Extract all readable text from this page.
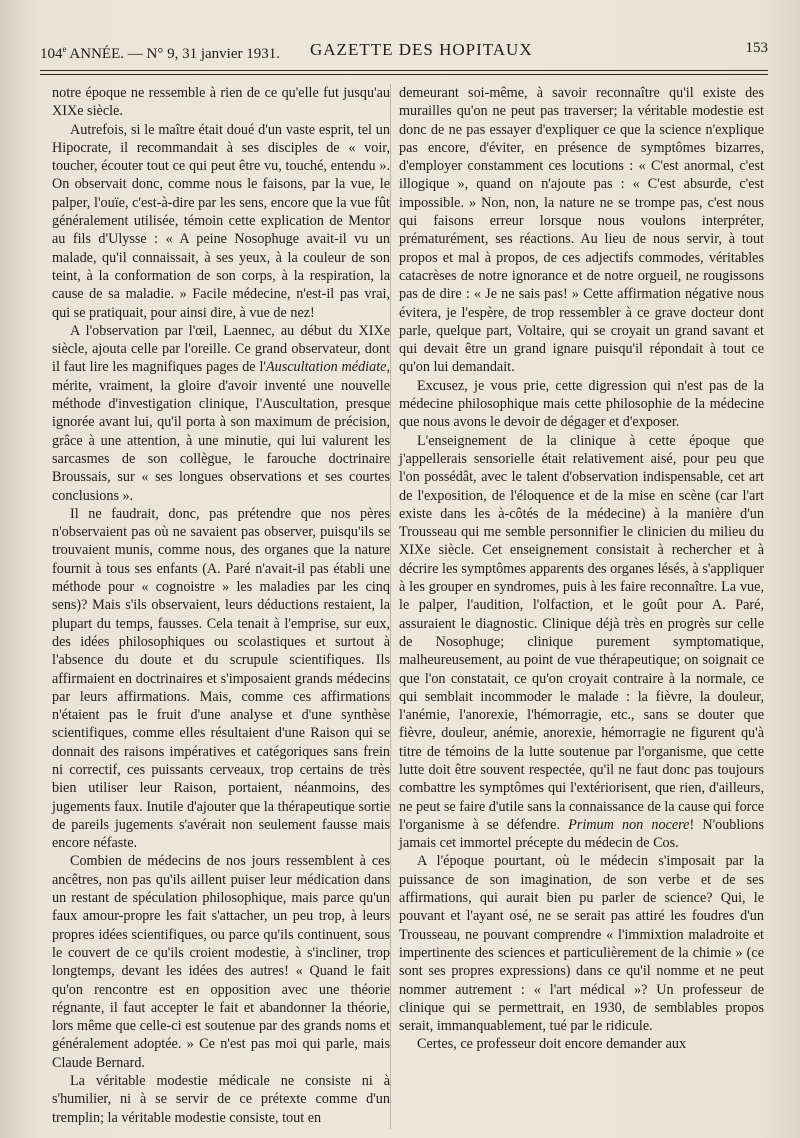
104e ANNÉE. — N° 9, 31 janvier 1931. GAZETTE DES HOPITAUX	153

notre époque ne ressemble à rien de ce qu'elle fut jusqu'au XIXe siècle.

Autrefois, si le maître était doué d'un vaste esprit, tel un Hipocrate, il recommandait à ses disciples de « voir, toucher, écouter tout ce qui peut être vu, touché, entendu ». On observait donc, comme nous le faisons, par la vue, le palper, l'ouïe, c'est-à-dire par les sens, encore que la vue fût généralement utilisée, témoin cette explication de Mentor au fils d'Ulysse : « A peine Nosophuge avait-il vu un malade, qu'il connaissait, à ses yeux, à la couleur de son teint, à la conformation de son corps, à la respiration, la cause de sa maladie. » Facile médecine, n'est-il pas vrai, qui se pratiquait, pour ainsi dire, à vue de nez!

A l'observation par l'œil, Laennec, au début du XIXe siècle, ajouta celle par l'oreille. Ce grand observateur, dont il faut lire les magnifiques pages de l'Auscultation médiate, mérite, vraiment, la gloire d'avoir inventé une nouvelle méthode d'investigation clinique, l'Auscultation, presque ignorée avant lui, qu'il porta à son maximum de précision, grâce à une attention, à une minutie, qui lui valurent les sarcasmes de son collègue, le farouche doctrinaire Broussais, sur « ses longues observations et ses courtes conclusions ».

Il ne faudrait, donc, pas prétendre que nos pères n'observaient pas où ne savaient pas observer, puisqu'ils se trouvaient munis, comme nous, des organes que la nature fournit à tous ses enfants (A. Paré n'avait-il pas établi une méthode pour « cognoistre » les maladies par les cinq sens)? Mais s'ils observaient, leurs déductions restaient, la plupart du temps, fausses. Cela tenait à l'emprise, sur eux, des idées philosophiques ou scolastiques et surtout à l'absence du doute et du scrupule scientifiques. Ils affirmaient en doctrinaires et s'imposaient grands médecins par leurs affirmations. Mais, comme ces affirmations n'étaient pas le fruit d'une analyse et d'une synthèse scientifiques, comme elles résultaient d'une Raison qui se donnait des raisons impératives et catégoriques sans frein ni correctif, ces puissants cerveaux, trop certains de très bien utiliser leur Raison, portaient, néanmoins, des jugements faux. Inutile d'ajouter que la thérapeutique sortie de pareils jugements s'avérait non seulement fausse mais encore néfaste.

Combien de médecins de nos jours ressemblent à ces ancêtres, non pas qu'ils aillent puiser leur médication dans un restant de spéculation philosophique, mais parce qu'un faux amour-propre les fait s'attacher, un peu trop, à leurs propres idées scientifiques, ou parce qu'ils continuent, sous le couvert de ce qu'ils croient modestie, à s'incliner, trop longtemps, devant les idées des autres! « Quand le fait qu'on rencontre est en opposition avec une théorie régnante, il faut accepter le fait et abandonner la théorie, lors même que celle-ci est soutenue par des grands noms et généralement adoptée. » Ce n'est pas moi qui parle, mais Claude Bernard.

La véritable modestie médicale ne consiste ni à s'humilier, ni à se servir de ce prétexte comme d'un tremplin; la véritable modestie consiste, tout en

demeurant soi-même, à savoir reconnaître qu'il existe des murailles qu'on ne peut pas traverser; la véritable modestie est donc de ne pas essayer d'expliquer ce que la science n'explique pas encore, d'éviter, en présence de symptômes bizarres, d'employer constamment ces locutions : « C'est anormal, c'est illogique », quand on n'ajoute pas : « C'est absurde, c'est impossible. » Non, non, la nature ne se trompe pas, c'est nous qui faisons erreur lorsque nous voulons interpréter, prématurément, ses réactions. Au lieu de nous servir, à tout propos et mal à propos, de ces adjectifs commodes, véritables catacrèses de notre ignorance et de notre orgueil, ne rougissons pas de dire : « Je ne sais pas! » Cette affirmation négative nous évitera, je l'espère, de trop ressembler à ce grave docteur dont parle, quelque part, Voltaire, qui se croyait un grand savant et qui devait être un grand ignare puisqu'il répondait à tout ce qu'on lui demandait.

Excusez, je vous prie, cette digression qui n'est pas de la médecine philosophique mais cette philosophie de la médecine que nous avons le devoir de dégager et d'exposer.

L'enseignement de la clinique à cette époque que j'appellerais sensorielle était relativement aisé, pour peu que l'on possédât, avec le talent d'observation indispensable, cet art de l'exposition, de l'éloquence et de la mise en scène (car l'art existe dans les à-côtés de la médecine) à la manière d'un Trousseau qui me semble personnifier le clinicien du milieu du XIXe siècle. Cet enseignement consistait à rechercher et à décrire les symptômes apparents des organes lésés, à s'appliquer à les grouper en syndromes, puis à les faire reconnaître. La vue, le palper, l'audition, l'olfaction, et le goût pour A. Paré, assuraient le diagnostic. Clinique déjà très en progrès sur celle de Nosophuge; clinique purement symptomatique, malheureusement, au point de vue thérapeutique; on soignait ce que l'on constatait, ce qu'on croyait contraire à la normale, ce qui semblait incommoder le malade : la fièvre, la douleur, l'anémie, l'anorexie, l'hémorragie, etc., sans se douter que fièvre, douleur, anémie, anorexie, hémorragie ne figurent qu'à titre de témoins de la lutte soutenue par l'organisme, que cette lutte doit être souvent respectée, qu'il ne faut donc pas toujours combattre les symptômes qui l'extériorisent, que rien, d'ailleurs, ne peut se faire d'utile sans la connaissance de la cause qui force l'organisme à se défendre. Primum non nocere! N'oublions jamais cet immortel précepte du médecin de Cos.

A l'époque pourtant, où le médecin s'imposait par la puissance de son imagination, de son verbe et de ses affirmations, qui aurait bien pu parler de science? Qui, le pouvant et l'ayant osé, ne se serait pas attiré les foudres d'un Trousseau, ne pouvant comprendre « l'immixtion maladroite et impertinente des sciences et particulièrement de la chimie » (ce sont ses propres expressions) dans ce qu'il nomme et ne peut nommer autrement : « l'art médical »? Un professeur de clinique qui se permettrait, en 1930, de semblables propos serait, immanquablement, tué par le ridicule.

Certes, ce professeur doit encore demander aux
